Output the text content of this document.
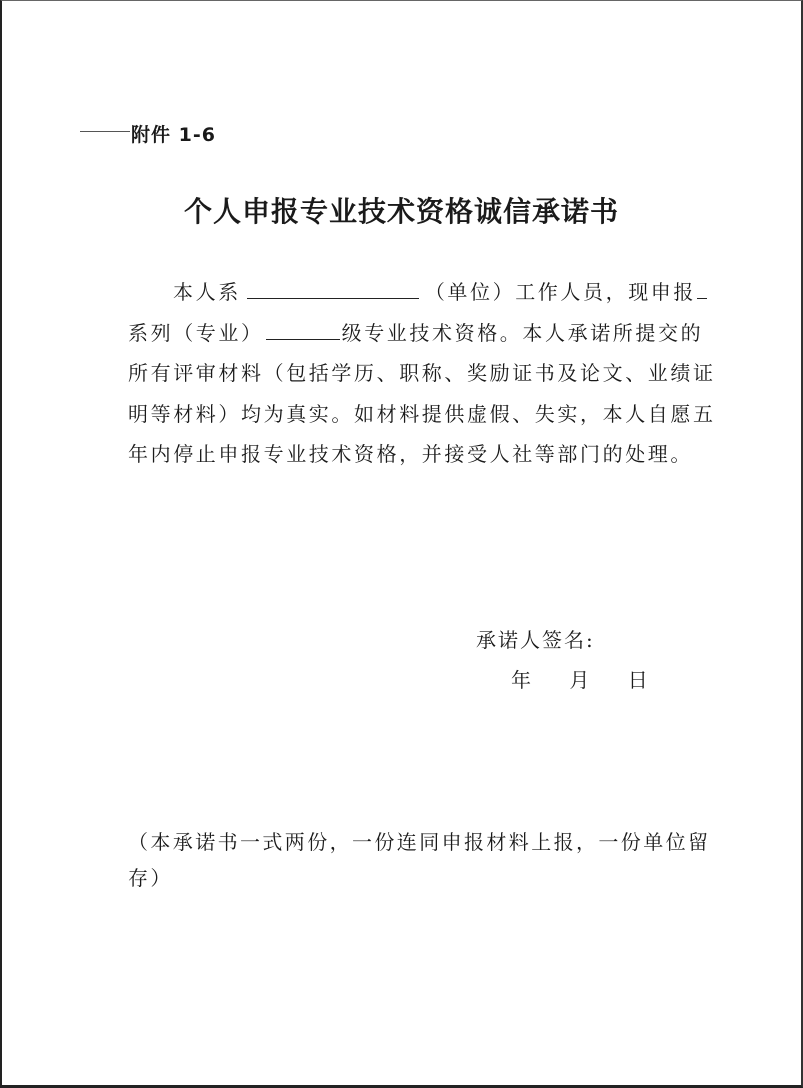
附件 1-6
个人申报专业技术资格诚信承诺书
本人系	（单位）工作人员，现申报
系列（专业）	级专业技术资格。本人承诺所提交的
所有评审材料（包括学历、职称、奖励证书及论文、业绩证
明等材料）均为真实。如材料提供虚假、失实，本人自愿五
年内停止申报专业技术资格，并接受人社等部门的处理。
承诺人签名:
年 月 日
（本承诺书一式两份，一份连同申报材料上报，一份单位留
存）
